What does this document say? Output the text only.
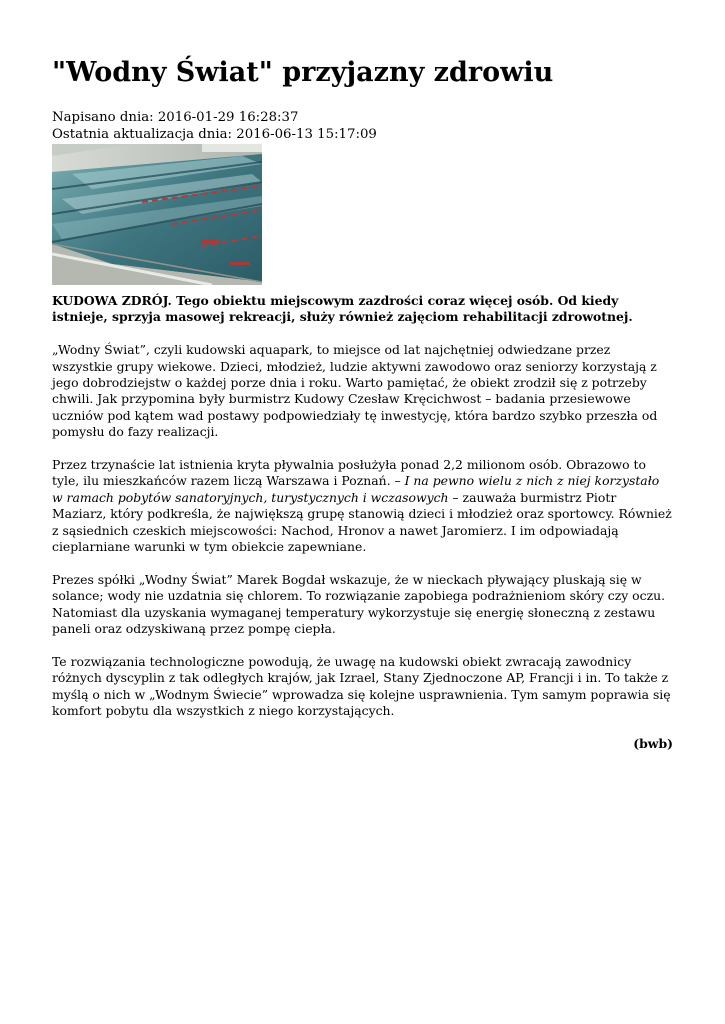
"Wodny Świat" przyjazny zdrowiu
Napisano dnia: 2016-01-29 16:28:37
Ostatnia aktualizacja dnia: 2016-06-13 15:17:09

KUDOWA ZDRÓJ. Tego obiektu miejscowym zazdrości coraz więcej osób. Od kiedy istnieje, sprzyja masowej rekreacji, służy również zajęciom rehabilitacji zdrowotnej.

„Wodny Świat”, czyli kudowski aquapark, to miejsce od lat najchętniej odwiedzane przez wszystkie grupy wiekowe. Dzieci, młodzież, ludzie aktywni zawodowo oraz seniorzy korzystają z jego dobrodziejstw o każdej porze dnia i roku. Warto pamiętać, że obiekt zrodził się z potrzeby chwili. Jak przypomina były burmistrz Kudowy Czesław Kręcichwost – badania przesiewowe uczniów pod kątem wad postawy podpowiedziały tę inwestycję, która bardzo szybko przeszła od pomysłu do fazy realizacji.

Przez trzynaście lat istnienia kryta pływalnia posłużyła ponad 2,2 milionom osób. Obrazowo to tyle, ilu mieszkańców razem liczą Warszawa i Poznań. – I na pewno wielu z nich z niej korzystało w ramach pobytów sanatoryjnych, turystycznych i wczasowych – zauważa burmistrz Piotr Maziarz, który podkreśla, że największą grupę stanowią dzieci i młodzież oraz sportowcy. Również z sąsiednich czeskich miejscowości: Nachod, Hronov a nawet Jaromierz. I im odpowiadają cieplarniane warunki w tym obiekcie zapewniane.

Prezes spółki „Wodny Świat” Marek Bogdał wskazuje, że w nieckach pływający pluskają się w solance; wody nie uzdatnia się chlorem. To rozwiązanie zapobiega podrażnieniom skóry czy oczu. Natomiast dla uzyskania wymaganej temperatury wykorzystuje się energię słoneczną z zestawu paneli oraz odzyskiwaną przez pompę ciepła.

Te rozwiązania technologiczne powodują, że uwagę na kudowski obiekt zwracają zawodnicy różnych dyscyplin z tak odległych krajów, jak Izrael, Stany Zjednoczone AP, Francji i in. To także z myślą o nich w „Wodnym Świecie” wprowadza się kolejne usprawnienia. Tym samym poprawia się komfort pobytu dla wszystkich z niego korzystających.

(bwb)
